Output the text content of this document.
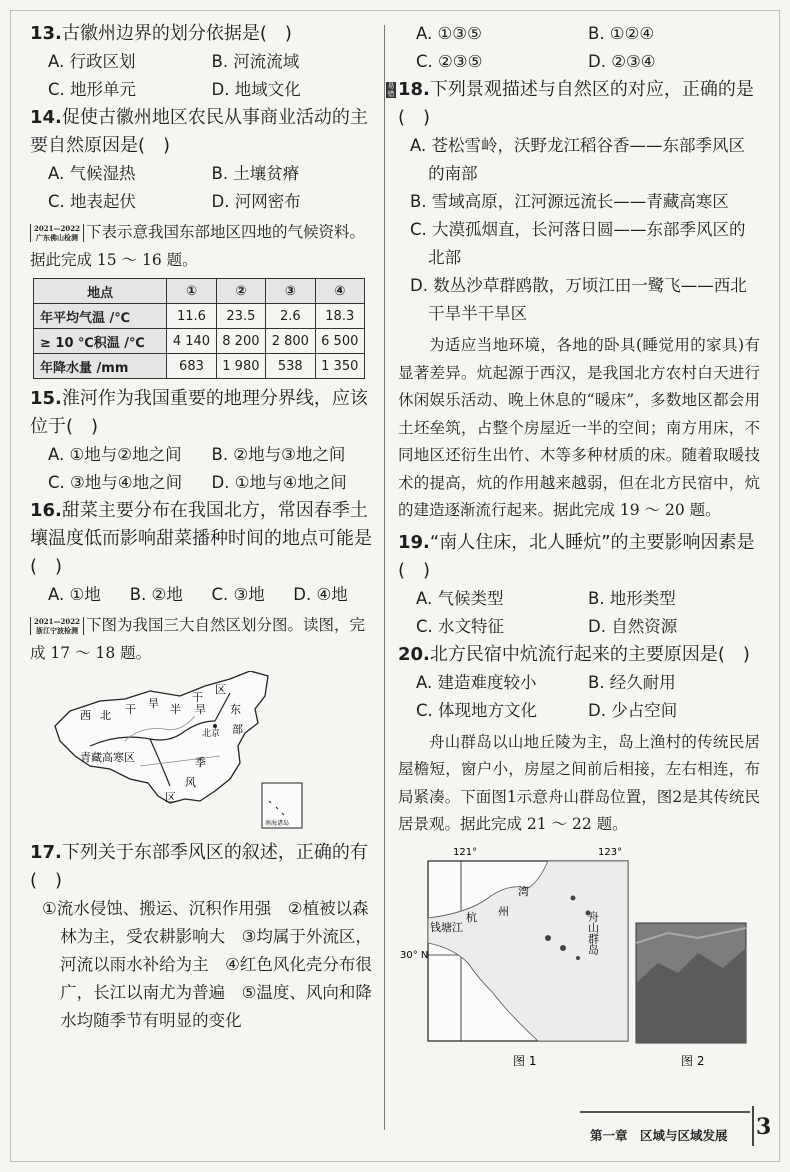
13.古徽州边界的划分依据是(　)

A. 行政区划	B. 河流流域
C. 地形单元	D. 地域文化

14.促使古徽州地区农民从事商业活动的主要自然原因是(　)

A. 气候湿热	B. 土壤贫瘠
C. 地表起伏	D. 河网密布

2021—2022
广东佛山检测 下表示意我国东部地区四地的气候资料。据此完成 15 ～ 16 题。

地点	①	②	③	④
年平均气温 /℃	11.6	23.5	2.6	18.3
≥ 10 ℃积温 /℃	4 140	8 200	2 800	6 500
年降水量 /mm	683	1 980	538	1 350

15.淮河作为我国重要的地理分界线，应该位于(　)

A. ①地与②地之间	B. ②地与③地之间
C. ③地与④地之间	D. ①地与④地之间

16.甜菜主要分布在我国北方，常因春季土壤温度低而影响甜菜播种时间的地点可能是(　)

A. ①地	B. ②地	C. ③地	D. ④地

2021—2022
浙江宁波检测 下图为我国三大自然区划分图。读图，完成 17 ～ 18 题。

西 北 干 旱 半
干
旱
区
东
部
北京
青藏高寒区	季
风
区
南海诸岛

17.下列关于东部季风区的叙述，正确的有(　)

①流水侵蚀、搬运、沉积作用强　②植被以森林为主，受农耕影响大　③均属于外流区，河流以雨水补给为主　④红色风化壳分布很广，长江以南尤为普遍　⑤温度、风向和降水均随季节有明显的变化
A. ①③⑤	B. ①②④
C. ②③⑤	D. ②③④

易错 18.下列景观描述与自然区的对应，正确的是(　)

A. 苍松雪岭，沃野龙江稻谷香——东部季风区的南部
B. 雪域高原，江河源远流长——青藏高寒区
C. 大漠孤烟直，长河落日圆——东部季风区的北部
D. 数丛沙草群鸥散，万顷江田一鹭飞——西北干旱半干旱区

为适应当地环境，各地的卧具(睡觉用的家具)有显著差异。炕起源于西汉，是我国北方农村白天进行休闲娱乐活动、晚上休息的“暖床”，多数地区都会用土坯垒筑，占整个房屋近一半的空间；南方用床，不同地区还衍生出竹、木等多种材质的床。随着取暖技术的提高，炕的作用越来越弱，但在北方民宿中，炕的建造逐渐流行起来。据此完成 19 ～ 20 题。

19.“南人住床，北人睡炕”的主要影响因素是(　)

A. 气候类型	B. 地形类型
C. 水文特征	D. 自然资源

20.北方民宿中炕流行起来的主要原因是(　)

A. 建造难度较小	B. 经久耐用
C. 体现地方文化	D. 少占空间

舟山群岛以山地丘陵为主，岛上渔村的传统民居屋檐短，窗户小，房屋之间前后相接，左右相连，布局紧凑。下面图1示意舟山群岛位置，图2是其传统民居景观。据此完成 21 ～ 22 题。

121°	123°
30° N
钱塘江
杭 州
湾
舟山群岛
图 1	图 2
第一章　区域与区域发展 3
